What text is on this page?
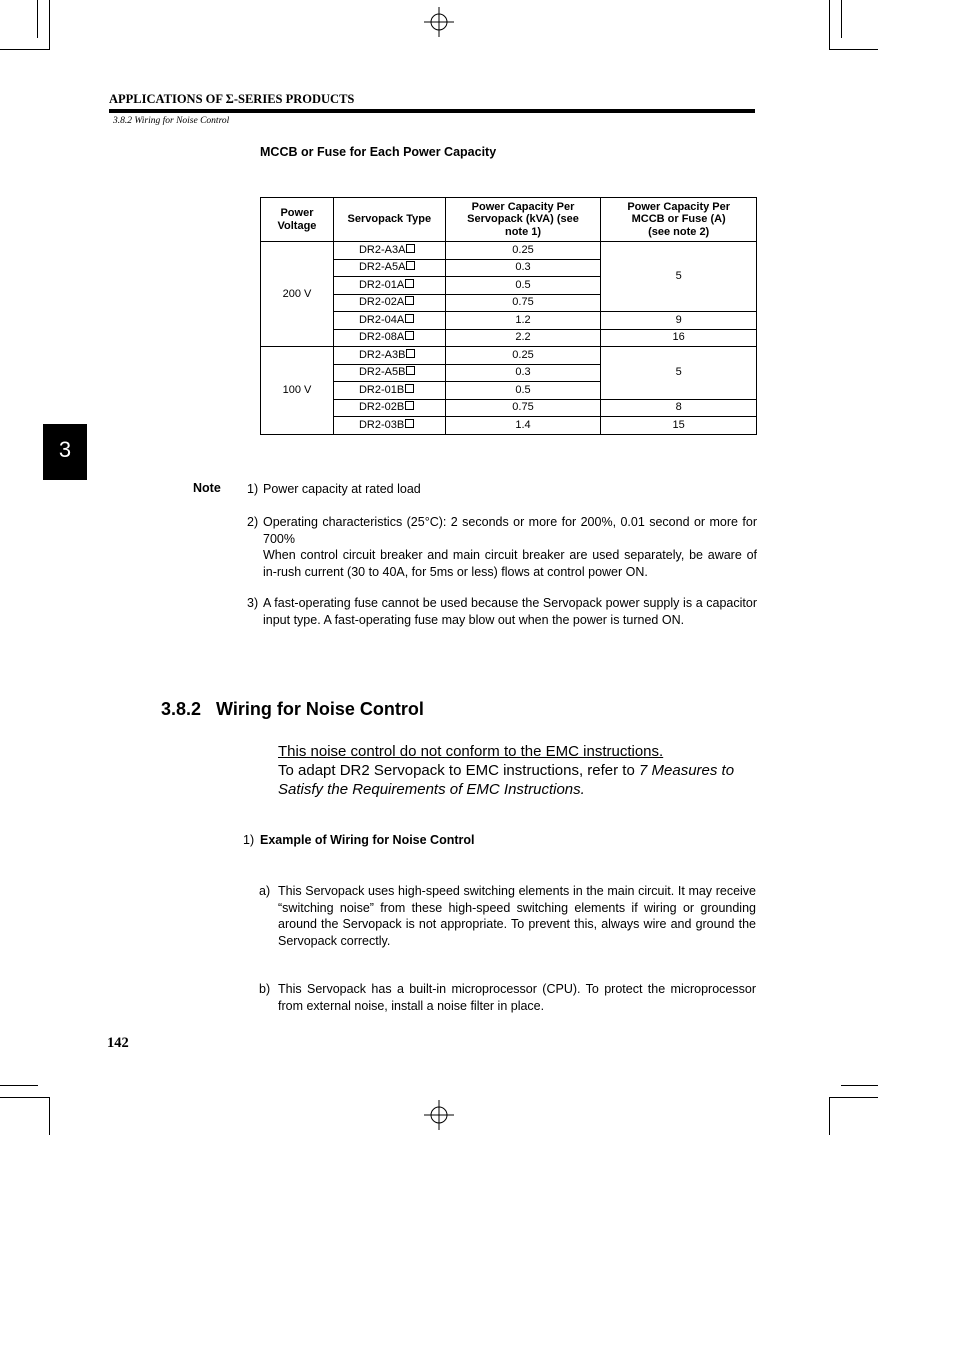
APPLICATIONS OF Σ-SERIES PRODUCTS
3.8.2 Wiring for Noise Control
3
MCCB or Fuse for Each Power Capacity
Power Voltage	Servopack Type	Power Capacity Per Servopack (kVA) (see note 1)	Power Capacity Per MCCB or Fuse (A) (see note 2)
200 V	DR2-A3A	0.25	5
	DR2-A5A	0.3	
	DR2-01A	0.5	
	DR2-02A	0.75	
	DR2-04A	1.2	9
	DR2-08A	2.2	16
100 V	DR2-A3B	0.25	5
	DR2-A5B	0.3	
	DR2-01B	0.5	
	DR2-02B	0.75	8
	DR2-03B	1.4	15
Note 1) Power capacity at rated load

2) Operating characteristics (25°C): 2 seconds or more for 200%, 0.01 second or more for 700%

When control circuit breaker and main circuit breaker are used separately, be aware of in-rush current (30 to 40A, for 5ms or less) flows at control power ON.

3) A fast-operating fuse cannot be used because the Servopack power supply is a capacitor input type. A fast-operating fuse may blow out when the power is turned ON.

3.8.2   Wiring for Noise Control

This noise control do not conform to the EMC instructions.

To adapt DR2 Servopack to EMC instructions, refer to 7 Measures to Satisfy the Requirements of EMC Instructions.

1) Example of Wiring for Noise Control
a) This Servopack uses high-speed switching elements in the main circuit. It may receive “switching noise” from these high-speed switching elements if wiring or grounding around the Servopack is not appropriate. To prevent this, always wire and ground the Servopack correctly.
b) This Servopack has a built-in microprocessor (CPU). To protect the microprocessor from external noise, install a noise filter in place.
142
